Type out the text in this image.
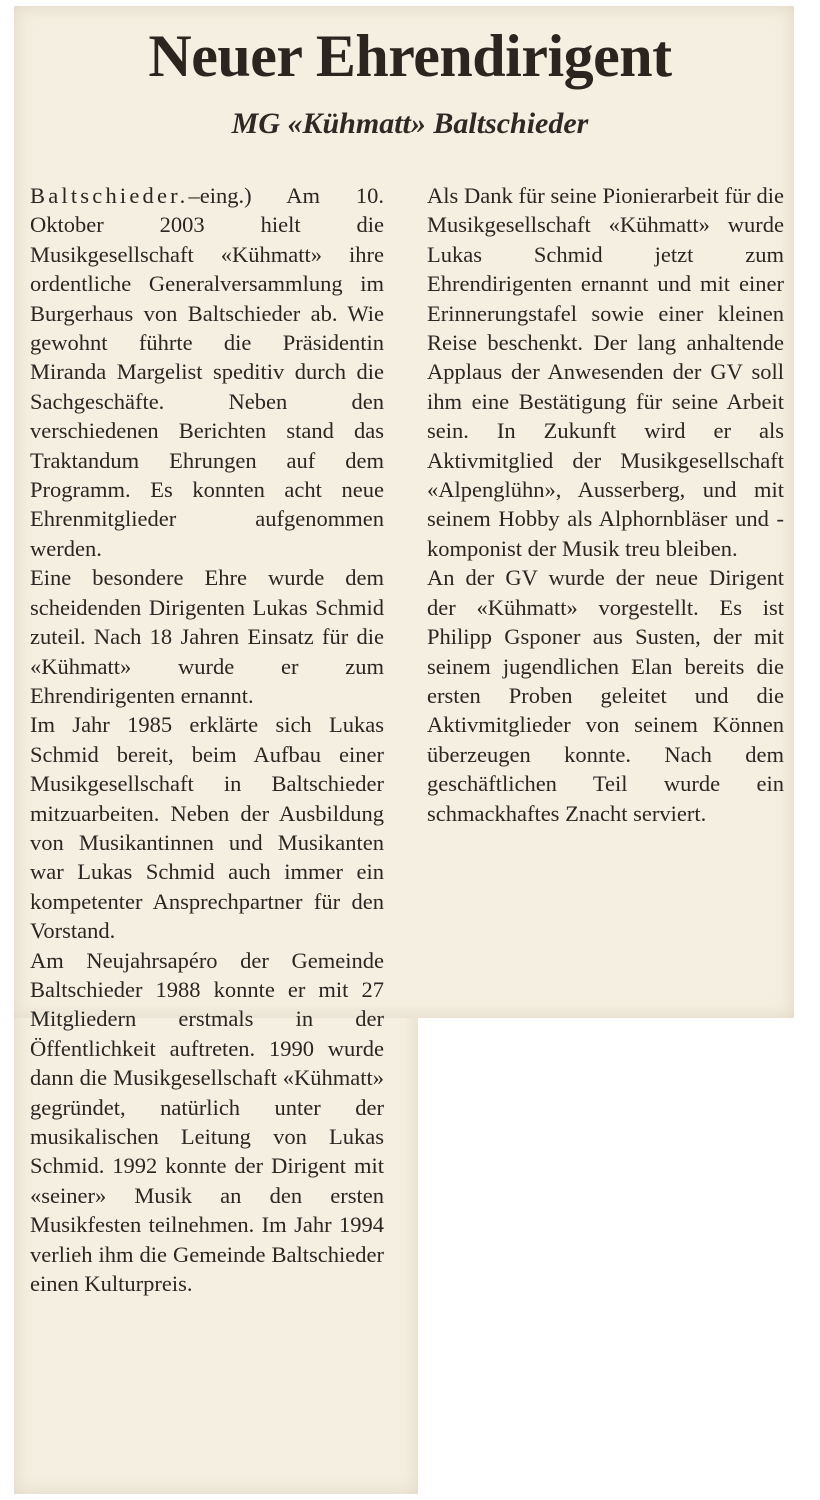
Neuer Ehrendirigent
MG «Kühmatt» Baltschieder

Baltschieder.–eing.) Am 10. Oktober 2003 hielt die Musikgesellschaft «Kühmatt» ihre ordentliche Generalversammlung im Burgerhaus von Baltschieder ab. Wie gewohnt führte die Präsidentin Miranda Margelist speditiv durch die Sachgeschäfte. Neben den verschiedenen Berichten stand das Traktandum Ehrungen auf dem Programm. Es konnten acht neue Ehrenmitglieder aufgenommen werden.

Eine besondere Ehre wurde dem scheidenden Dirigenten Lukas Schmid zuteil. Nach 18 Jahren Einsatz für die «Kühmatt» wurde er zum Ehrendirigenten ernannt.

Im Jahr 1985 erklärte sich Lukas Schmid bereit, beim Aufbau einer Musikgesellschaft in Baltschieder mitzuarbeiten. Neben der Ausbildung von Musikantinnen und Musikanten war Lukas Schmid auch immer ein kompetenter Ansprechpartner für den Vorstand.

Am Neujahrsapéro der Gemeinde Baltschieder 1988 konnte er mit 27 Mitgliedern erstmals in der Öffentlichkeit auftreten. 1990 wurde dann die Musikgesellschaft «Kühmatt» gegründet, natürlich unter der musikalischen Leitung von Lukas Schmid. 1992 konnte der Dirigent mit «seiner» Musik an den ersten Musikfesten teilnehmen. Im Jahr 1994 verlieh ihm die Gemeinde Baltschieder einen Kulturpreis.

Als Dank für seine Pionierarbeit für die Musikgesellschaft «Kühmatt» wurde Lukas Schmid jetzt zum Ehrendirigenten ernannt und mit einer Erinnerungstafel sowie einer kleinen Reise beschenkt. Der lang anhaltende Applaus der Anwesenden der GV soll ihm eine Bestätigung für seine Arbeit sein. In Zukunft wird er als Aktivmitglied der Musikgesellschaft «Alpenglühn», Ausserberg, und mit seinem Hobby als Alphornbläser und -komponist der Musik treu bleiben.

An der GV wurde der neue Dirigent der «Kühmatt» vorgestellt. Es ist Philipp Gsponer aus Susten, der mit seinem jugendlichen Elan bereits die ersten Proben geleitet und die Aktivmitglieder von seinem Können überzeugen konnte. Nach dem geschäftlichen Teil wurde ein schmackhaftes Znacht serviert.
